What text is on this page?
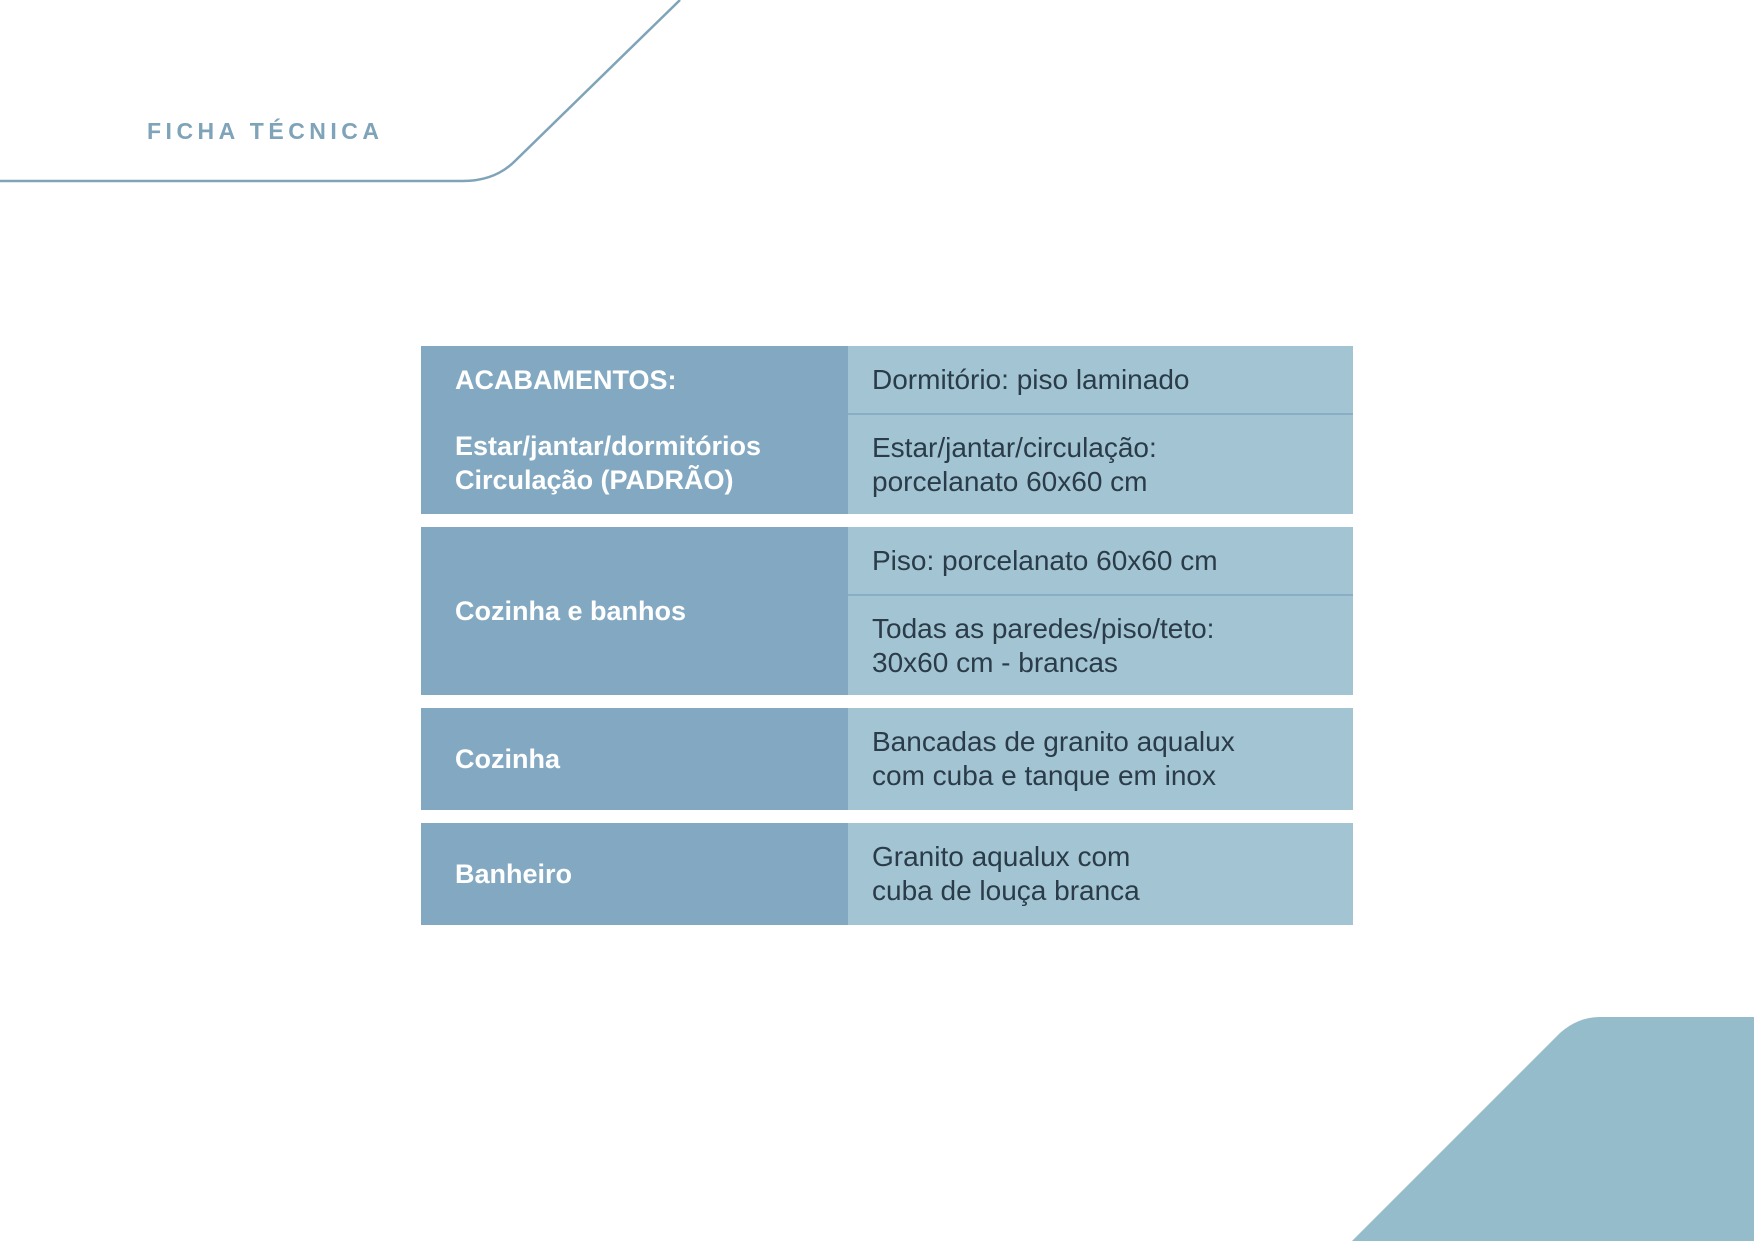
FICHA TÉCNICA
ACABAMENTOS:
Estar/jantar/dormitórios
Circulação (PADRÃO)
Dormitório: piso laminado
Estar/jantar/circulação:
porcelanato 60x60 cm
Cozinha e banhos
Piso: porcelanato 60x60 cm
Todas as paredes/piso/teto:
30x60 cm - brancas
Cozinha
Bancadas de granito aqualux
com cuba e tanque em inox
Banheiro
Granito aqualux com
cuba de louça branca
